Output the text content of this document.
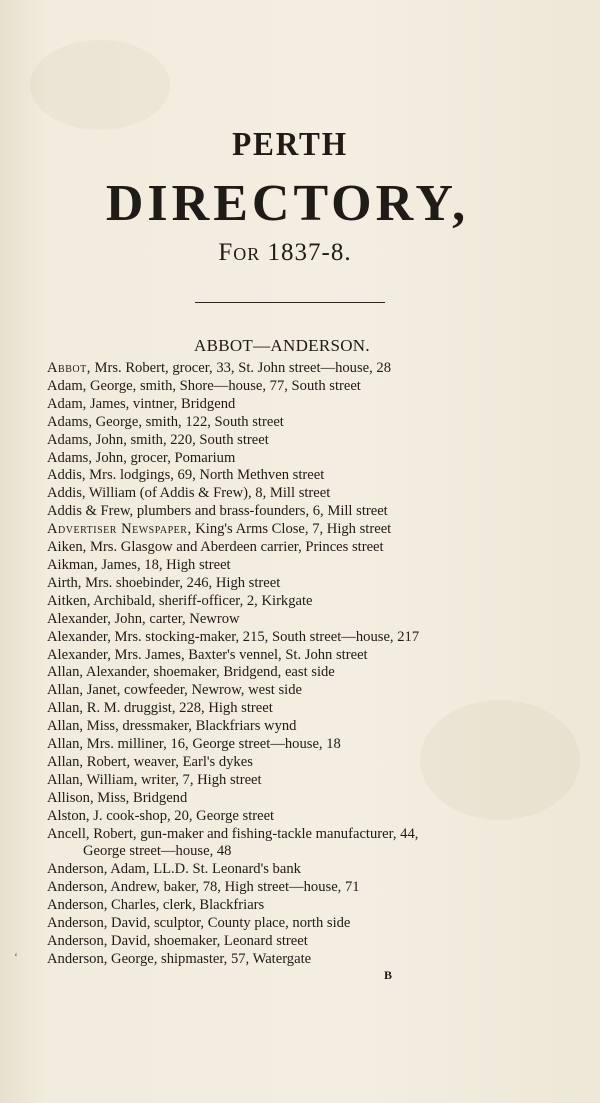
PERTH
DIRECTORY,
For 1837-8.
ABBOT—ANDERSON.
Abbot, Mrs. Robert, grocer, 33, St. John street—house, 28
Adam, George, smith, Shore—house, 77, South street
Adam, James, vintner, Bridgend
Adams, George, smith, 122, South street
Adams, John, smith, 220, South street
Adams, John, grocer, Pomarium
Addis, Mrs. lodgings, 69, North Methven street
Addis, William (of Addis & Frew), 8, Mill street
Addis & Frew, plumbers and brass-founders, 6, Mill street
Advertiser Newspaper, King's Arms Close, 7, High street
Aiken, Mrs. Glasgow and Aberdeen carrier, Princes street
Aikman, James, 18, High street
Airth, Mrs. shoebinder, 246, High street
Aitken, Archibald, sheriff-officer, 2, Kirkgate
Alexander, John, carter, Newrow
Alexander, Mrs. stocking-maker, 215, South street—house, 217
Alexander, Mrs. James, Baxter's vennel, St. John street
Allan, Alexander, shoemaker, Bridgend, east side
Allan, Janet, cowfeeder, Newrow, west side
Allan, R. M. druggist, 228, High street
Allan, Miss, dressmaker, Blackfriars wynd
Allan, Mrs. milliner, 16, George street—house, 18
Allan, Robert, weaver, Earl's dykes
Allan, William, writer, 7, High street
Allison, Miss, Bridgend
Alston, J. cook-shop, 20, George street
Ancell, Robert, gun-maker and fishing-tackle manufacturer, 44,
George street—house, 48
Anderson, Adam, LL.D. St. Leonard's bank
Anderson, Andrew, baker, 78, High street—house, 71
Anderson, Charles, clerk, Blackfriars
Anderson, David, sculptor, County place, north side
Anderson, David, shoemaker, Leonard street
Anderson, George, shipmaster, 57, Watergate
‘
B
